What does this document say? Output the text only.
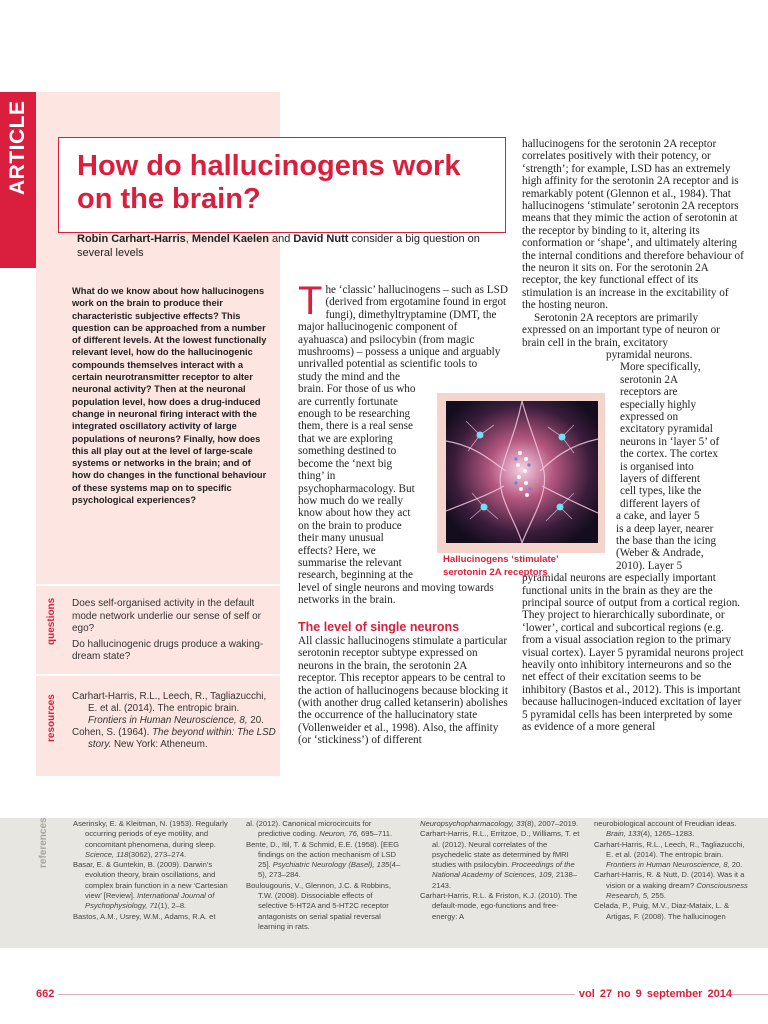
ARTICLE How do hallucinogens work on the brain?
Robin Carhart-Harris, Mendel Kaelen and David Nutt consider a big question on several levels

What do we know about how hallucinogens work on the brain to produce their characteristic subjective effects? This question can be approached from a number of different levels. At the lowest functionally relevant level, how do the hallucinogenic compounds themselves interact with a certain neurotransmitter receptor to alter neuronal activity? Then at the neuronal population level, how does a drug-induced change in neuronal firing interact with the integrated oscillatory activity of large populations of neurons? Finally, how does this all play out at the level of large-scale systems or networks in the brain; and of how do changes in the functional behaviour of these systems map on to specific psychological experiences?

questions Does self-organised activity in the default mode network underlie our sense of self or ego?

Do hallucinogenic drugs produce a waking-dream state?

resources Carhart-Harris, R.L., Leech, R., Tagliazucchi, E. et al. (2014). The entropic brain. Frontiers in Human Neuroscience, 8, 20.

Cohen, S. (1964). The beyond within: The LSD story. New York: Atheneum.

T he ‘classic’ hallucinogens – such as LSD (derived from ergotamine found in ergot fungi), dimethyltryptamine (DMT, the major hallucinogenic component of ayahuasca) and psilocybin (from magic mushrooms) – possess a unique and arguably unrivalled potential as scientific tools to
study the mind and the brain. For those of us who are currently fortunate enough to be researching them, there is a real sense that we are exploring something destined to become the ‘next big thing’ in psychopharmacology. But how much do we really know about how they act on the brain to produce their many unusual effects? Here, we summarise the relevant research, beginning at the
level of single neurons and moving towards networks in the brain.
The level of single neurons
All classic hallucinogens stimulate a particular serotonin receptor subtype expressed on neurons in the brain, the serotonin 2A receptor. This receptor appears to be central to the action of hallucinogens because blocking it (with another drug called ketanserin) abolishes the occurrence of the hallucinatory state (Vollenweider et al., 1998). Also, the affinity (or ‘stickiness’) of different
Hallucinogens ‘stimulate’ serotonin 2A receptors
hallucinogens for the serotonin 2A receptor correlates positively with their potency, or ‘strength’; for example, LSD has an extremely high affinity for the serotonin 2A receptor and is remarkably potent (Glennon et al., 1984). That hallucinogens ‘stimulate’ serotonin 2A receptors means that they mimic the action of serotonin at the receptor by binding to it, altering its conformation or ‘shape’, and ultimately altering the internal conditions and therefore behaviour of the neuron it sits on. For the serotonin 2A receptor, the key functional effect of its stimulation is an increase in the excitability of the hosting neuron.
Serotonin 2A receptors are primarily expressed on an important type of neuron or brain cell in the brain, excitatory
pyramidal neurons.
More specifically,
serotonin 2A
receptors are
especially highly
expressed on
excitatory pyramidal
neurons in ‘layer 5’ of
the cortex. The cortex
is organised into
layers of different
cell types, like the
different layers of
a cake, and layer 5
is a deep layer, nearer
the base than the icing
(Weber & Andrade,
2010). Layer 5
pyramidal neurons are especially important functional units in the brain as they are the principal source of output from a cortical region. They project to hierarchically subordinate, or ‘lower’, cortical and subcortical regions (e.g. from a visual association region to the primary visual cortex). Layer 5 pyramidal neurons project heavily onto inhibitory interneurons and so the net effect of their excitation seems to be inhibitory (Bastos et al., 2012). This is important because hallucinogen-induced excitation of layer 5 pyramidal cells has been interpreted by some as evidence of a more general
references	Aserinsky, E. & Kleitman, N. (1953). Regularly occurring periods of eye motility, and concomitant phenomena, during sleep. Science, 118(3062), 273–274.

Basar, E. & Guntekin, B. (2009). Darwin’s evolution theory, brain oscillations, and complex brain function in a new ‘Cartesian view’ [Review]. International Journal of Psychophysiology, 71(1), 2–8.

Bastos, A.M., Usrey, W.M., Adams, R.A. et

al. (2012). Canonical microcircuits for predictive coding. Neuron, 76, 695–711.

Bente, D., Itil, T. & Schmid, E.E. (1958). [EEG findings on the action mechanism of LSD 25]. Psychiatric Neurology (Basel), 135(4–5), 273–284.

Boulougouris, V., Glennon, J.C. & Robbins, T.W. (2008). Dissociable effects of selective 5-HT2A and 5-HT2C receptor antagonists on serial spatial reversal learning in rats.

Neuropsychopharmacology, 33(8), 2007–2019.

Carhart-Harris, R.L., Erritzoe, D., Williams, T. et al. (2012). Neural correlates of the psychedelic state as determined by fMRI studies with psilocybin. Proceedings of the National Academy of Sciences, 109, 2138–2143.

Carhart-Harris, R.L. & Friston, K.J. (2010). The default-mode, ego-functions and free-energy: A

neurobiological account of Freudian ideas. Brain, 133(4), 1265–1283.

Carhart-Harris, R.L., Leech, R., Tagliazucchi, E. et al. (2014). The entropic brain. Frontiers in Human Neuroscience, 8, 20.

Carhart-Harris, R. & Nutt, D. (2014). Was it a vision or a waking dream? Consciousness Research, 5, 255.

Celada, P., Puig, M.V., Diaz-Mataix, L. & Artigas, F. (2008). The hallucinogen

662	vol 27 no 9 september 2014
